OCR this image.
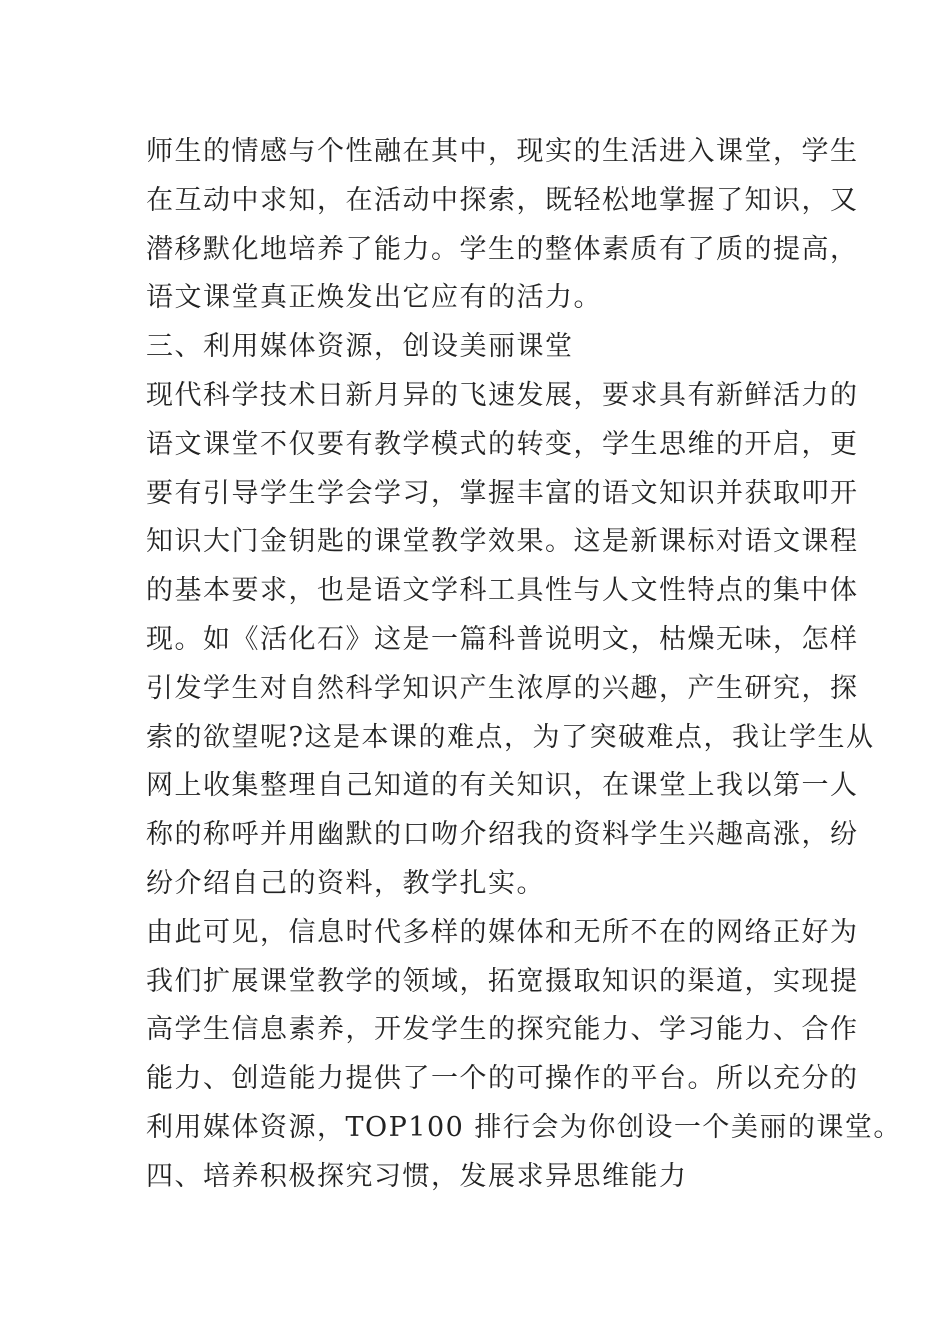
师生的情感与个性融在其中，现实的生活进入课堂，学生
在互动中求知，在活动中探索，既轻松地掌握了知识，又
潜移默化地培养了能力。学生的整体素质有了质的提高，
语文课堂真正焕发出它应有的活力。
三、利用媒体资源，创设美丽课堂
现代科学技术日新月异的飞速发展，要求具有新鲜活力的
语文课堂不仅要有教学模式的转变，学生思维的开启，更
要有引导学生学会学习，掌握丰富的语文知识并获取叩开
知识大门金钥匙的课堂教学效果。这是新课标对语文课程
的基本要求，也是语文学科工具性与人文性特点的集中体
现。如《活化石》这是一篇科普说明文，枯燥无味，怎样
引发学生对自然科学知识产生浓厚的兴趣，产生研究，探
索的欲望呢?这是本课的难点，为了突破难点，我让学生从
网上收集整理自己知道的有关知识，在课堂上我以第一人
称的称呼并用幽默的口吻介绍我的资料学生兴趣高涨，纷
纷介绍自己的资料，教学扎实。
由此可见，信息时代多样的媒体和无所不在的网络正好为
我们扩展课堂教学的领域，拓宽摄取知识的渠道，实现提
高学生信息素养，开发学生的探究能力、学习能力、合作
能力、创造能力提供了一个的可操作的平台。所以充分的
利用媒体资源，TOP100 排行会为你创设一个美丽的课堂。
四、培养积极探究习惯，发展求异思维能力
